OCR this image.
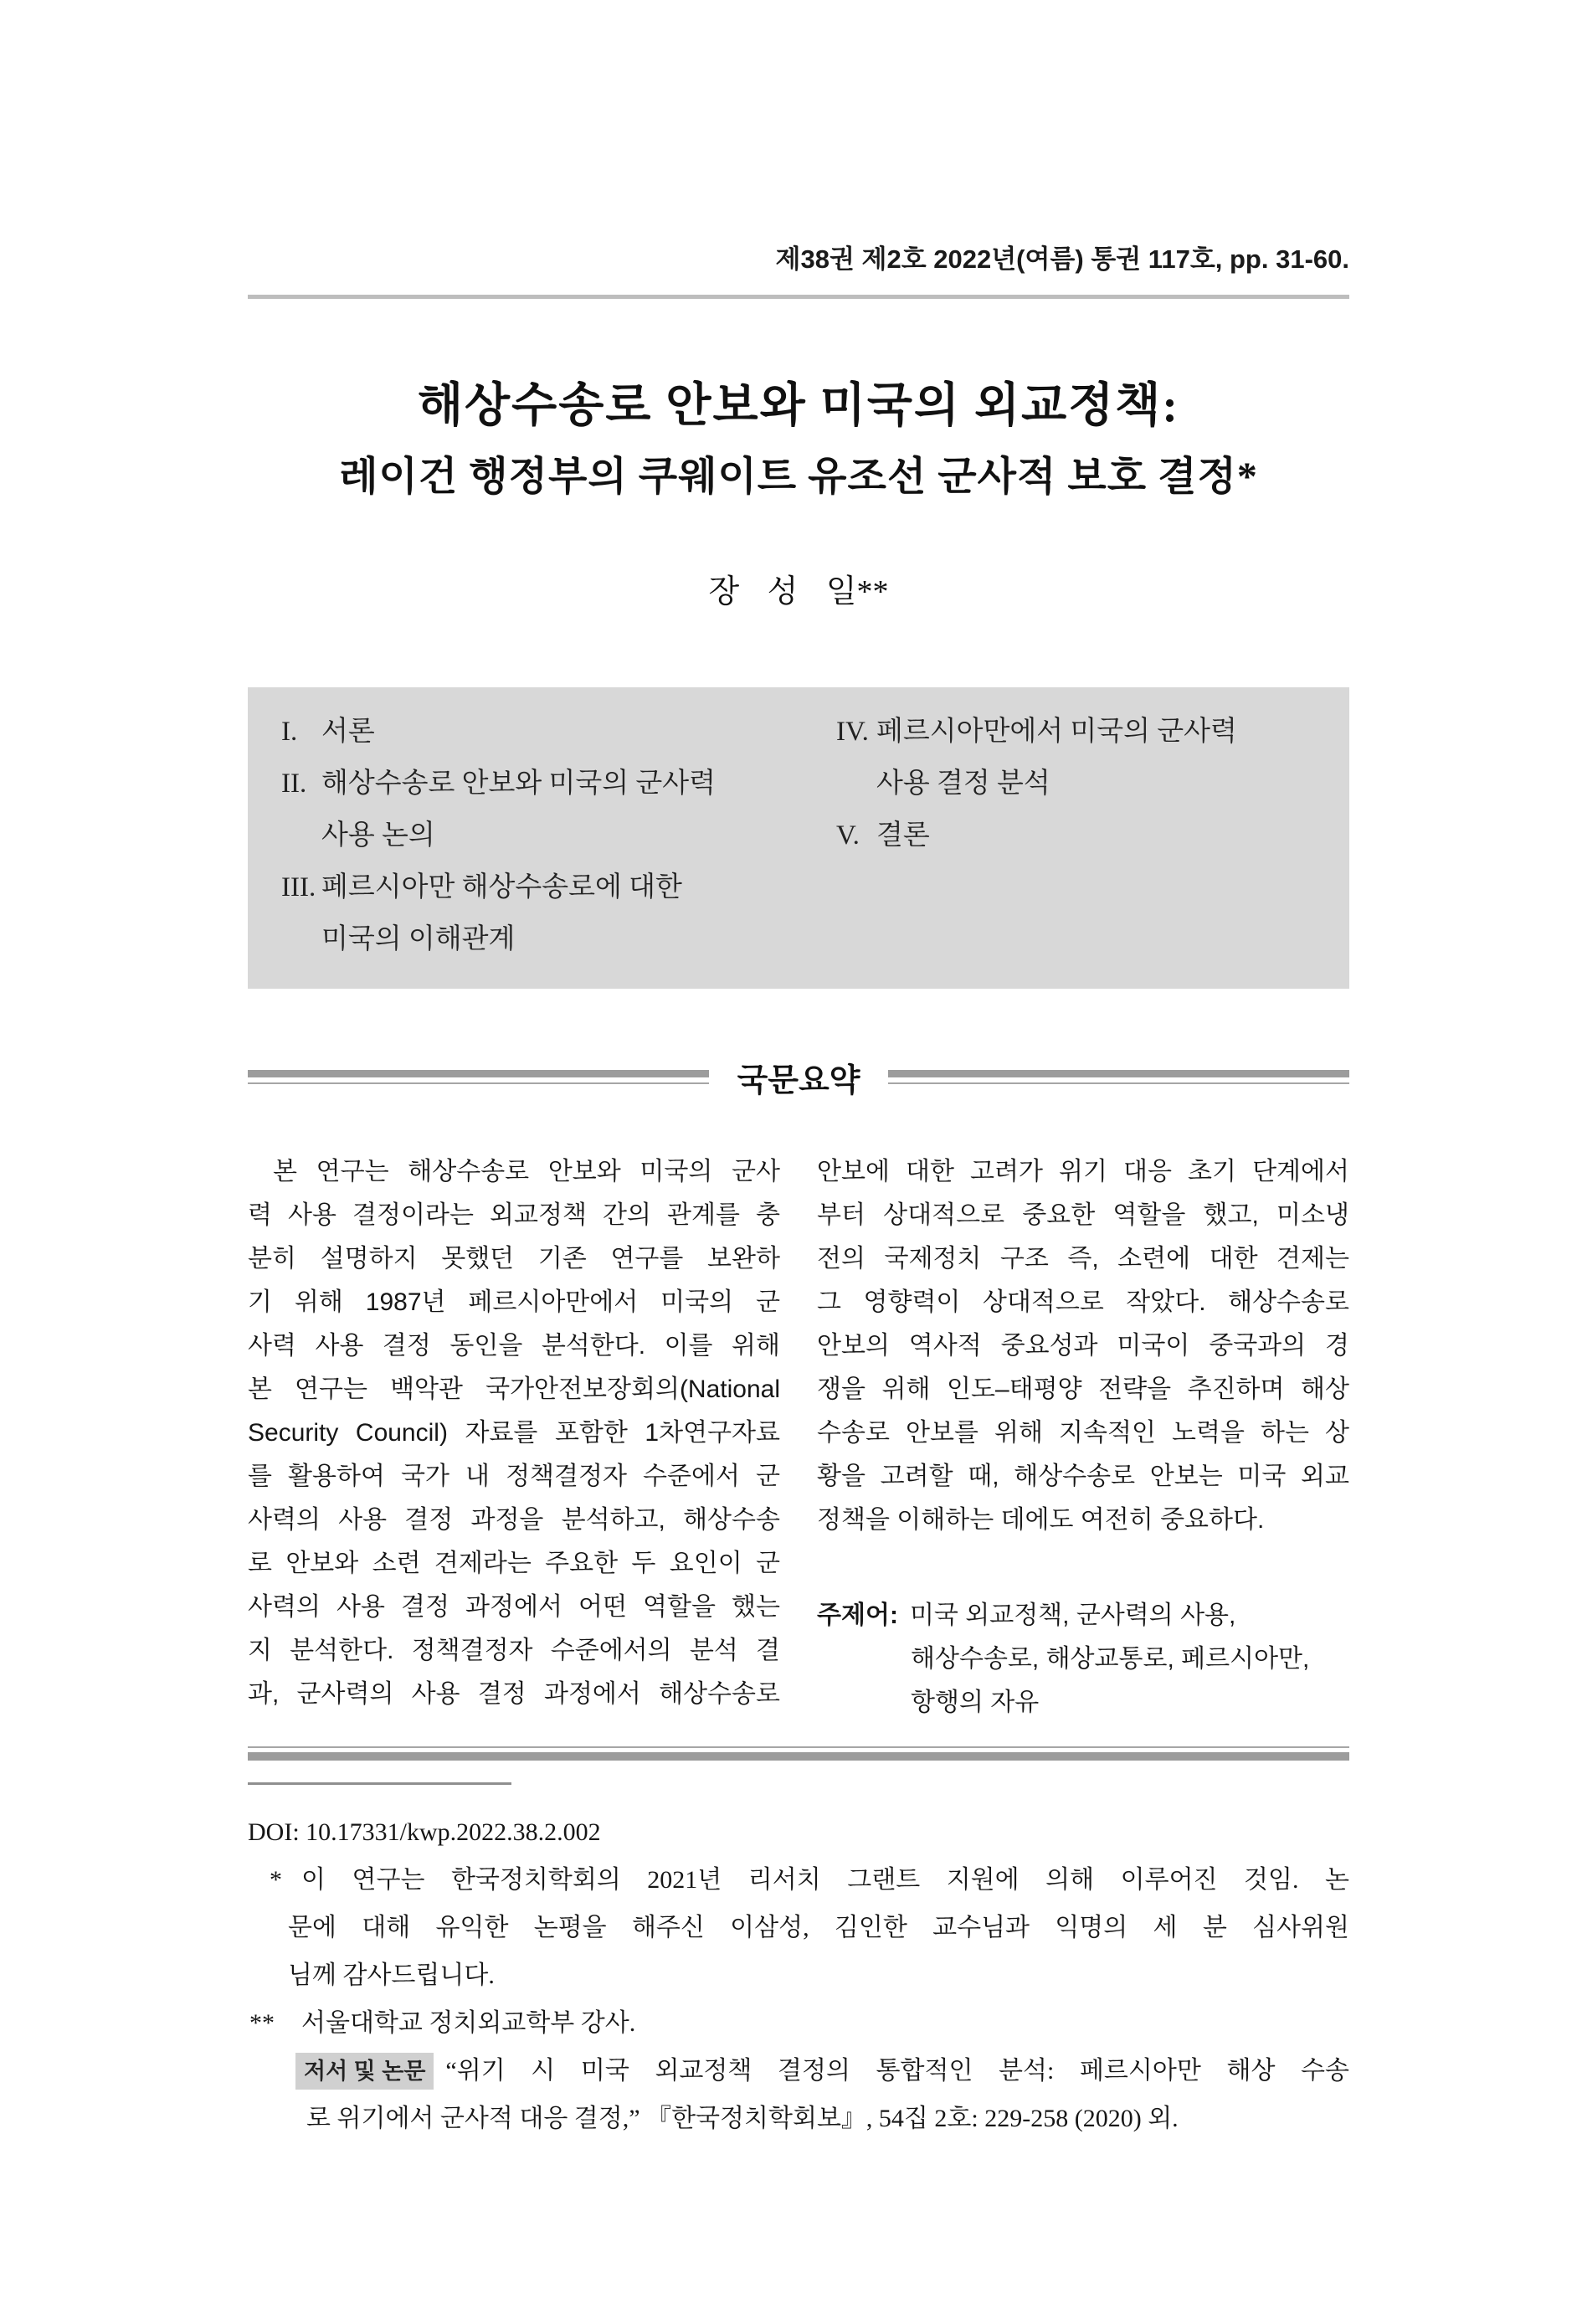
제38권 제2호 2022년(여름) 통권 117호, pp. 31-60.
해상수송로 안보와 미국의 외교정책:
레이건 행정부의 쿠웨이트 유조선 군사적 보호 결정*
장 성 일**
I. 서론
II. 해상수송로 안보와 미국의 군사력
사용 논의
III. 페르시아만 해상수송로에 대한
미국의 이해관계
IV. 페르시아만에서 미국의 군사력
사용 결정 분석
V. 결론
국문요약
본 연구는 해상수송로 안보와 미국의 군사
력 사용 결정이라는 외교정책 간의 관계를 충
분히 설명하지 못했던 기존 연구를 보완하
기 위해 1987년 페르시아만에서 미국의 군
사력 사용 결정 동인을 분석한다. 이를 위해
본 연구는 백악관 국가안전보장회의(National
Security Council) 자료를 포함한 1차연구자료
를 활용하여 국가 내 정책결정자 수준에서 군
사력의 사용 결정 과정을 분석하고, 해상수송
로 안보와 소련 견제라는 주요한 두 요인이 군
사력의 사용 결정 과정에서 어떤 역할을 했는
지 분석한다. 정책결정자 수준에서의 분석 결
과, 군사력의 사용 결정 과정에서 해상수송로
안보에 대한 고려가 위기 대응 초기 단계에서
부터 상대적으로 중요한 역할을 했고, 미소냉
전의 국제정치 구조 즉, 소련에 대한 견제는
그 영향력이 상대적으로 작았다. 해상수송로
안보의 역사적 중요성과 미국이 중국과의 경
쟁을 위해 인도–태평양 전략을 추진하며 해상
수송로 안보를 위해 지속적인 노력을 하는 상
황을 고려할 때, 해상수송로 안보는 미국 외교
정책을 이해하는 데에도 여전히 중요하다.
주제어: 미국 외교정책, 군사력의 사용,
해상수송로, 해상교통로, 페르시아만,
항행의 자유
DOI: 10.17331/kwp.2022.38.2.002
* 이 연구는 한국정치학회의 2021년 리서치 그랜트 지원에 의해 이루어진 것임. 논
문에 대해 유익한 논평을 해주신 이삼성, 김인한 교수님과 익명의 세 분 심사위원
님께 감사드립니다.
**	서울대학교 정치외교학부 강사.
저서 및 논문 “위기 시 미국 외교정책 결정의 통합적인 분석: 페르시아만 해상 수송
로 위기에서 군사적 대응 결정,” 『한국정치학회보』, 54집 2호: 229-258 (2020) 외.
